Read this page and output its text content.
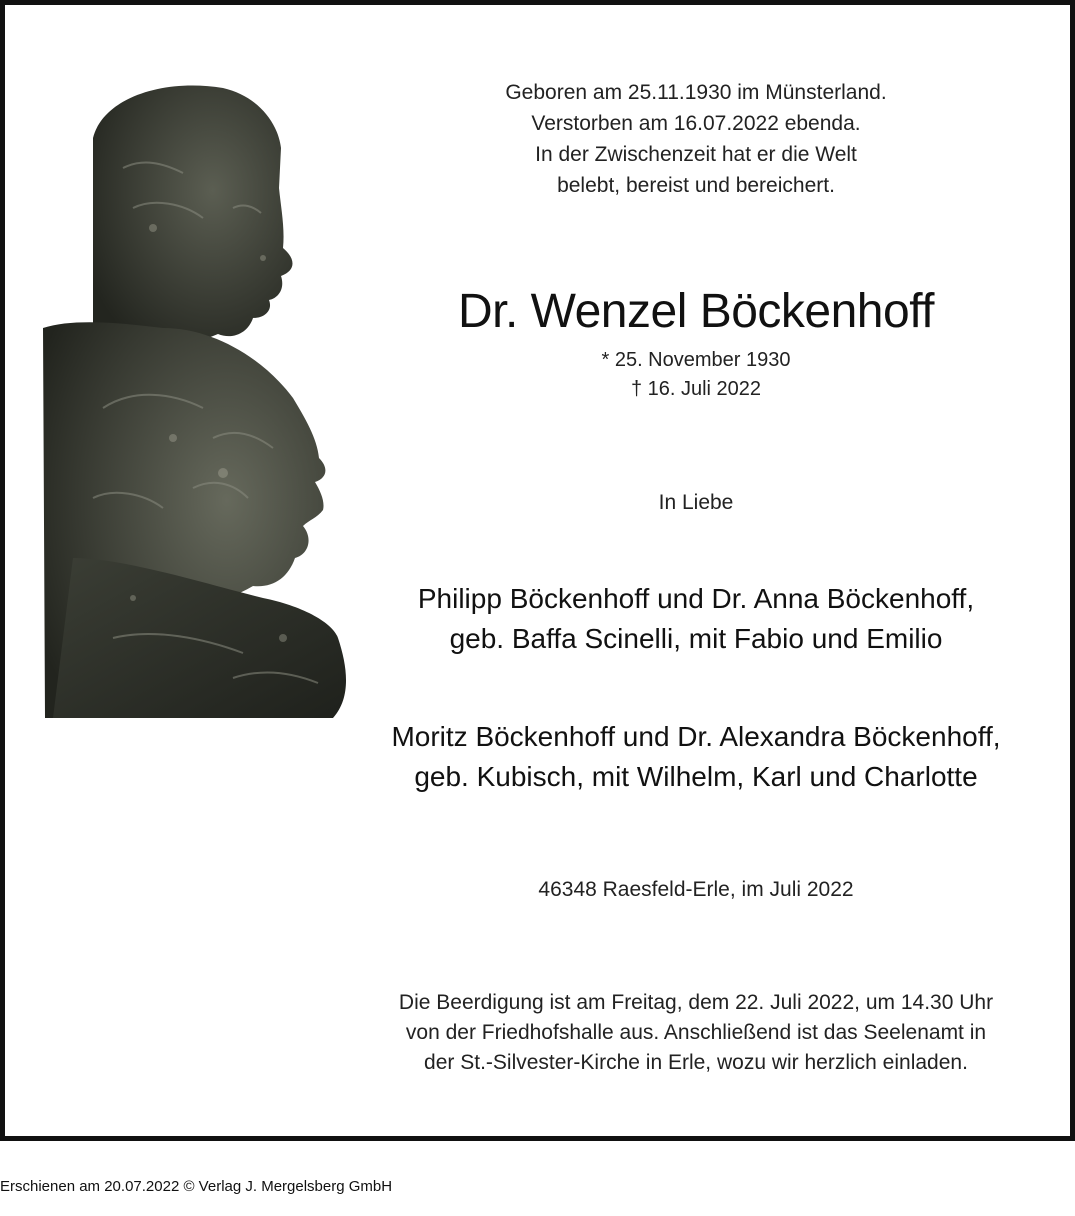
Geboren am 25.11.1930 im Münsterland.
Verstorben am 16.07.2022 ebenda.
In der Zwischenzeit hat er die Welt
belebt, bereist und bereichert.
Dr. Wenzel Böckenhoff
* 25. November 1930
† 16. Juli 2022
In Liebe
Philipp Böckenhoff und Dr. Anna Böckenhoff,
geb. Baffa Scinelli, mit Fabio und Emilio
Moritz Böckenhoff und Dr. Alexandra Böckenhoff,
geb. Kubisch, mit Wilhelm, Karl und Charlotte
46348 Raesfeld-Erle, im Juli 2022
Die Beerdigung ist am Freitag, dem 22. Juli 2022, um 14.30 Uhr
von der Friedhofshalle aus. Anschließend ist das Seelenamt in
der St.-Silvester-Kirche in Erle, wozu wir herzlich einladen.
Erschienen am 20.07.2022 © Verlag J. Mergelsberg GmbH
